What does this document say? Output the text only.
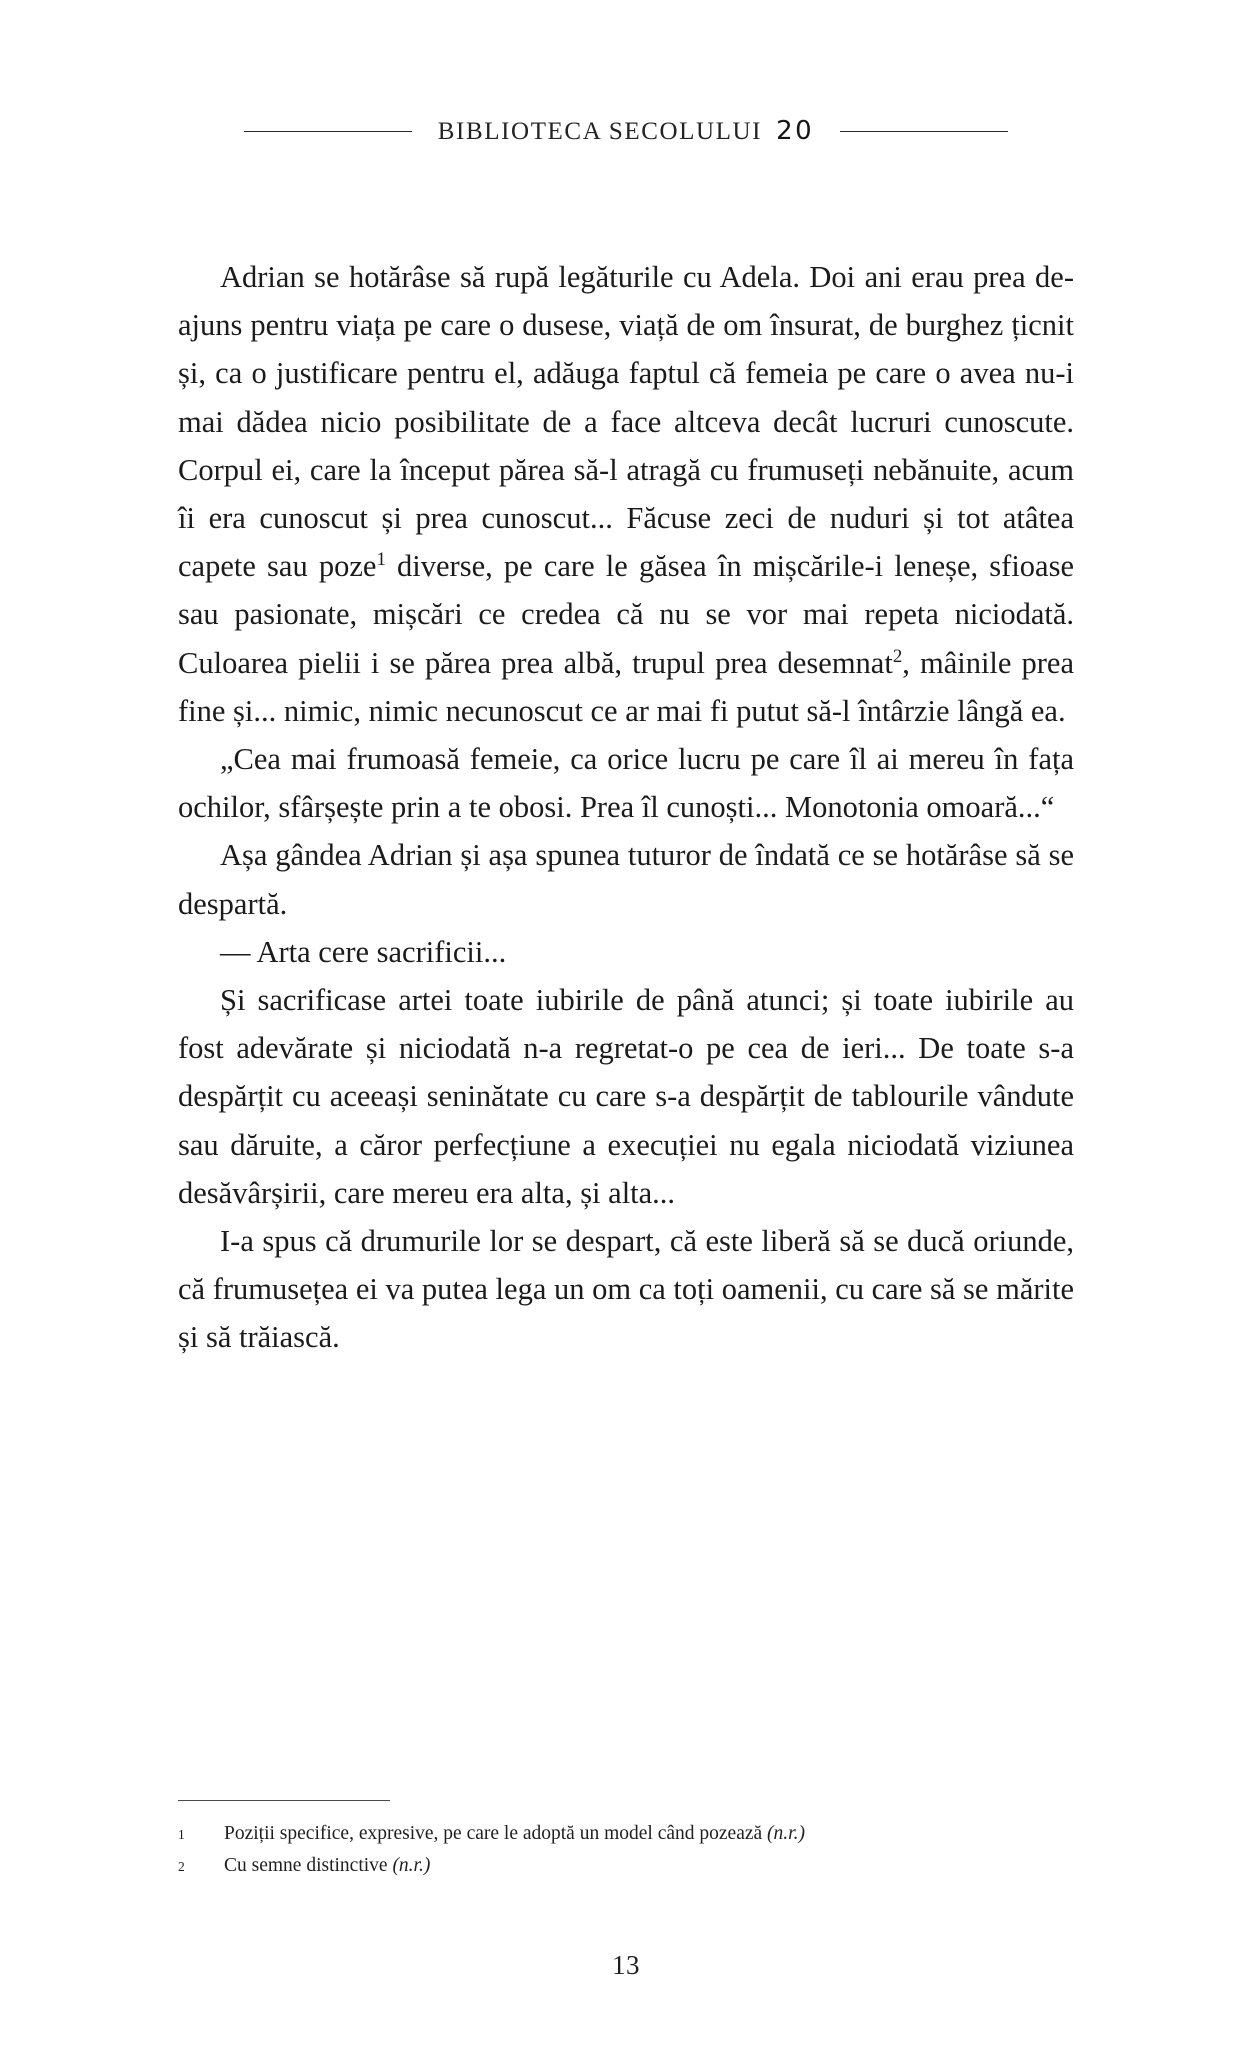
BIBLIOTECA SECOLULUI 20

Adrian se hotărâse să rupă legăturile cu Adela. Doi ani erau prea de-ajuns pentru viața pe care o dusese, viață de om însurat, de burghez țicnit și, ca o justificare pentru el, adăuga faptul că femeia pe care o avea nu-i mai dădea nicio posibilitate de a face altceva decât lucruri cunoscute. Corpul ei, care la început părea să-l atragă cu frumuseți nebănuite, acum îi era cunoscut și prea cunoscut... Făcuse zeci de nuduri și tot atâtea capete sau poze$^1$ diverse, pe care le găsea în mișcările-i leneșe, sfioase sau pasionate, mișcări ce credea că nu se vor mai repeta niciodată. Culoarea pielii i se părea prea albă, trupul prea desemnat$^2$, mâinile prea fine și... nimic, nimic necunoscut ce ar mai fi putut să-l întârzie lângă ea.

„Cea mai frumoasă femeie, ca orice lucru pe care îl ai mereu în fața ochilor, sfârșește prin a te obosi. Prea îl cunoști... Monotonia omoară...“

Așa gândea Adrian și așa spunea tuturor de îndată ce se hotărâse să se despartă.

— Arta cere sacrificii...

Și sacrificase artei toate iubirile de până atunci; și toate iubirile au fost adevărate și niciodată n-a regretat-o pe cea de ieri... De toate s-a despărțit cu aceeași seninătate cu care s-a despărțit de tablourile vândute sau dăruite, a căror perfecțiune a execuției nu egala niciodată viziunea desăvârșirii, care mereu era alta, și alta...

I-a spus că drumurile lor se despart, că este liberă să se ducă oriunde, că frumusețea ei va putea lega un om ca toți oamenii, cu care să se mărite și să trăiască.

1	Poziții specifice, expresive, pe care le adoptă un model când pozează (n.r.)
2	Cu semne distinctive (n.r.)
13
